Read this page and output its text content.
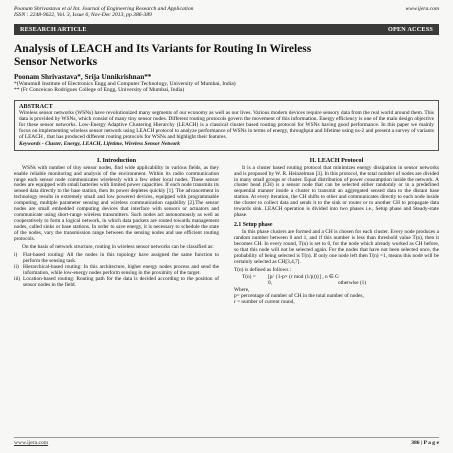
Poonam Shrivastava et al Int. Journal of Engineering Research and Application
ISSN : 2248-9622, Vol. 3, Issue 6, Nov-Dec 2013, pp.386-389
www.ijera.com
RESEARCH ARTICLE	OPEN ACCESS
Analysis of LEACH and Its Variants for Routing In Wireless
Sensor Networks
Poonam Shrivastava*, Srija Unnikrishnan**
*(Watumull Institute of Electronics Engg and Computer Technology, University of Mumbai, India)
** (Fr Conceicao Rodrigues College of Engg, University of Mumbai, India)
ABSTRACT
Wireless sensor networks (WSNs) have revolutionized many segments of our economy as well as our lives. Various modern devices require sensory data from the real world around them. This data is provided by WSNs, which consist of many tiny sensor nodes. Different routing protocols govern the movement of this information. Energy efficiency is one of the main design objective for these sensor networks. Low-Energy Adaptive Clustering Hierarchy (LEACH) is a classical cluster based routing protocol for WSNs having good performance. In this paper we mainly focus on implementing wireless sensor network using LEACH protocol to analyze performance of WSNs in terms of energy, throughput and lifetime using ns-2 and present a survey of variants of LEACH , that has produced different routing protocols for WSNs and highlight their features.
Keywords - Cluster, Energy, LEACH, Lifetime, Wireless Sensor Network
I. Introduction

WSNs with number of tiny sensor nodes, find wide applicability in various fields, as they enable reliable monitoring and analysis of the environment. Within its radio communication range each sensor node communicates wirelessly with a few other local nodes. These sensor nodes are equipped with small batteries with limited power capacities. If each node transmits its sensed data directly to the base station, then its power depletes quickly [1]. The advancement in technology results in extremely small and low powered devices, equipped with programmable computing, multiple parameter sensing and wireless communication capability [2].The sensor nodes are small embedded computing devices that interface with sensors or actuators and communicate using short-range wireless transmitters. Such nodes act autonomously as well as cooperatively to form a logical network, in which data packets are routed towards management nodes, called sinks or base stations. In order to save energy, it is necessary to schedule the state of the nodes, vary the transmission range between the sensing nodes and use efficient routing protocols.

On the basis of network structure, routing in wireless sensor networks can be classified as:

i)	Flat-based routing: All the nodes in this topology have assigned the same function to perform the sensing task.
ii) Hierarchical-based routing: In this architecture, higher energy nodes process and send the information, while low-energy nodes perform sensing in the proximity of the target.
iii) Location-based routing: Routing path for the data is decided according to the position of sensor nodes in the field.
II. LEACH Protocol

It is a cluster based routing protocol that minimizes energy dissipation in sensor networks and is proposed by W. R. Heinzelman [3]. In this protocol, the total number of nodes are divided in many small groups or cluster. Equal distribution of power consumption inside the network. A cluster head (CH) is a sensor node that can be selected either randomly or in a predefined sequential manner inside a cluster to transmit an aggregated sensed data to the distant base station. At every iteration, the CH shifts to other and communicates directly to each node inside the cluster to collect data and sends it to the sink or router or to another CH to propagate data towards sink. LEACH operation is divided into two phases i.e., Setup phase and Steady-state phase.

2.1 Setup phase

In this phase clusters are formed and a CH is chosen for each cluster. Every node produces a random number between 0 and 1, and if this number is less than threshold value T(n), then it becomes CH. In every round, T(n) is set to 0, for the node which already worked as CH before, so that this node will not be selected again. For the nodes that have not been selected once, the probability of being selected is T(n). If only one node left then T(n) =1, means this node will be certainly selected as CH[3,4,7].

T(n) is defined as follows :
T(n) =	[p/ {1-p× (r mod (1/p))}] , n ∈ G
0,	otherwise (1)
Where,
p= percentage of number of CH in the total number of nodes,
r = number of current round,
www.ijera.com	386 | P a g e
